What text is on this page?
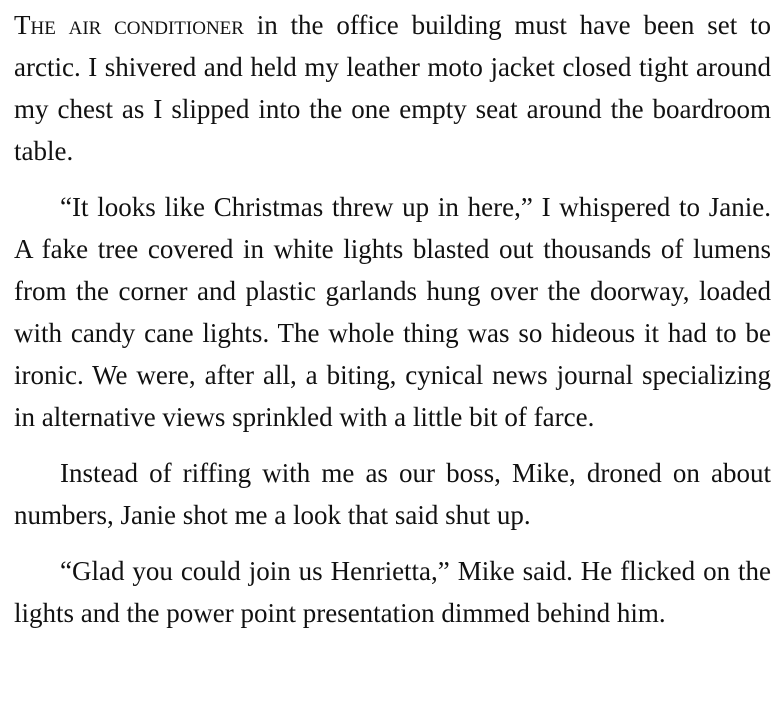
The air conditioner in the office building must have been set to arctic. I shivered and held my leather moto jacket closed tight around my chest as I slipped into the one empty seat around the boardroom table.

“It looks like Christmas threw up in here,” I whispered to Janie. A fake tree covered in white lights blasted out thousands of lumens from the corner and plastic garlands hung over the doorway, loaded with candy cane lights. The whole thing was so hideous it had to be ironic. We were, after all, a biting, cynical news journal specializing in alternative views sprinkled with a little bit of farce.

Instead of riffing with me as our boss, Mike, droned on about numbers, Janie shot me a look that said shut up.

“Glad you could join us Henrietta,” Mike said. He flicked on the lights and the power point presentation dimmed behind him.
